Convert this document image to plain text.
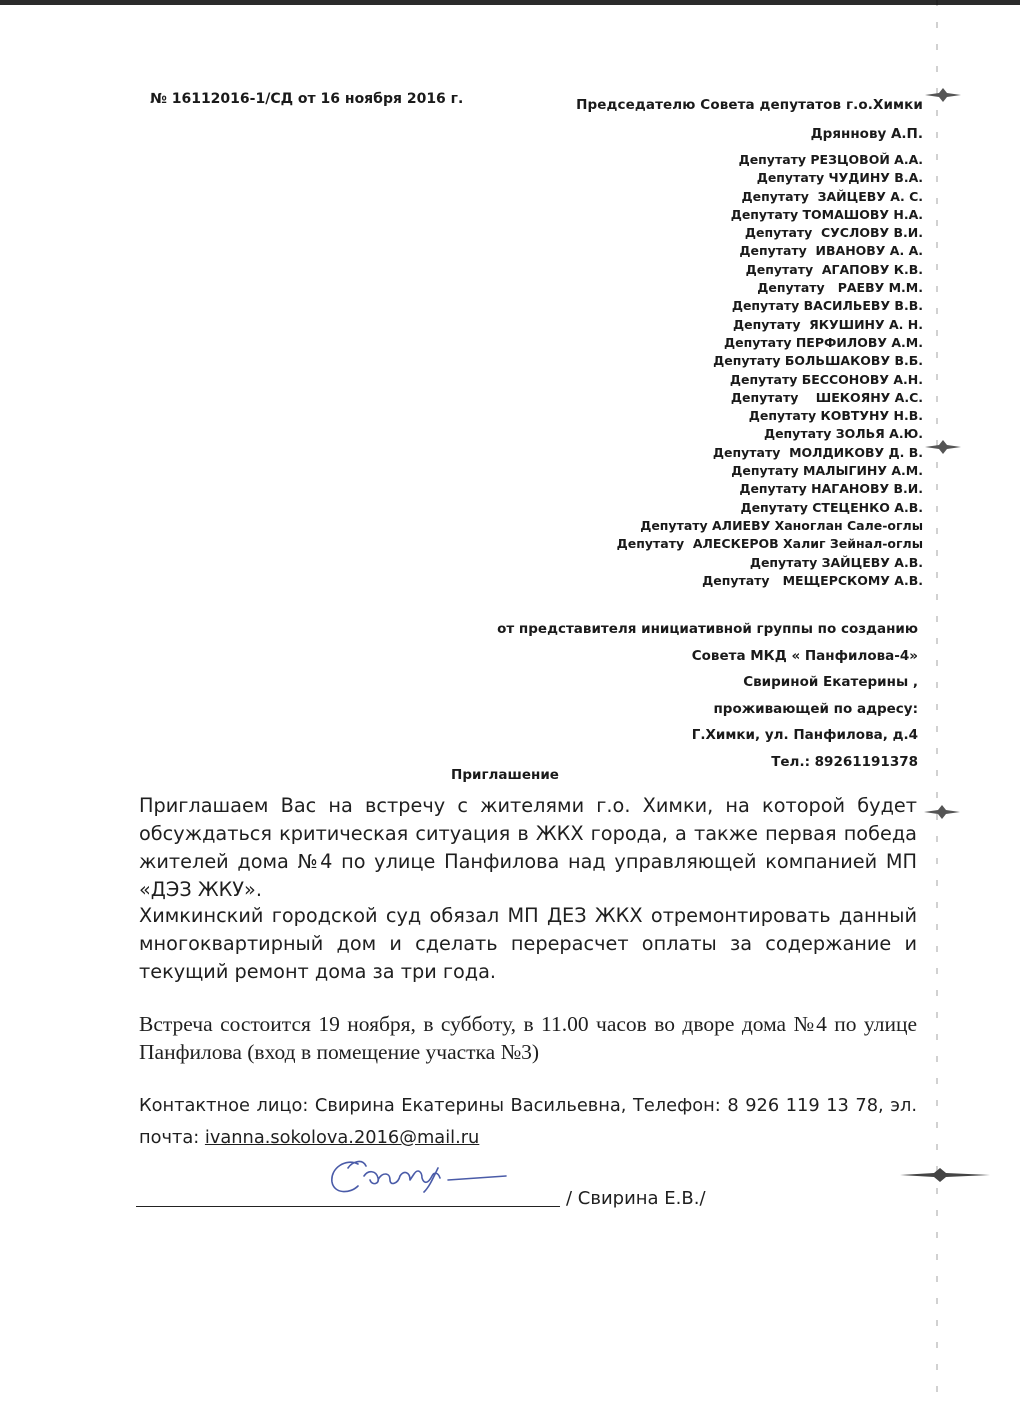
№ 16112016-1/СД от 16 ноября 2016 г.	Председателю Совета депутатов г.о.Химки
Дряннову А.П.
Депутату РЕЗЦОВОЙ А.А.
Депутату ЧУДИНУ В.А.
Депутату  ЗАЙЦЕВУ А. С.
Депутату ТОМАШОВУ Н.А.
Депутату  СУСЛОВУ В.И.
Депутату  ИВАНОВУ А. А.
Депутату  АГАПОВУ К.В.
Депутату   РАЕВУ М.М.
Депутату ВАСИЛЬЕВУ В.В.
Депутату  ЯКУШИНУ А. Н.
Депутату ПЕРФИЛОВУ А.М.
Депутату БОЛЬШАКОВУ В.Б.
Депутату БЕССОНОВУ А.Н.
Депутату    ШЕКОЯНУ А.С.
Депутату КОВТУНУ Н.В.
Депутату ЗОЛЬЯ А.Ю.
Депутату  МОЛДИКОВУ Д. В.
Депутату МАЛЫГИНУ А.М.
Депутату НАГАНОВУ В.И.
Депутату СТЕЦЕНКО А.В.
Депутату АЛИЕВУ Ханоглан Сале-оглы
Депутату  АЛЕСКЕРОВ Халиг Зейнал-оглы
Депутату ЗАЙЦЕВУ А.В.
Депутату   МЕЩЕРСКОМУ А.В.
от представителя инициативной группы по созданию
Совета МКД « Панфилова-4»
Свириной Екатерины ,
проживающей по адресу:
Г.Химки, ул. Панфилова, д.4
Тел.: 89261191378
Приглашение
Приглашаем Вас на встречу с жителями г.о. Химки, на которой будет обсуждаться критическая ситуация в ЖКХ города, а также первая победа жителей дома №4 по улице Панфилова над управляющей компанией МП «ДЭЗ ЖКУ».
Химкинский городской суд обязал МП ДЕЗ ЖКХ отремонтировать данный многоквартирный дом и сделать перерасчет оплаты за содержание и текущий ремонт дома за три года.
Встреча состоится 19 ноября, в субботу, в 11.00 часов во дворе дома №4 по улице Панфилова (вход в помещение участка №3)
Контактное лицо: Свирина Екатерины Васильевна, Телефон: 8 926 119 13 78, эл. почта: ivanna.sokolova.2016@mail.ru
/ Свирина Е.В./
